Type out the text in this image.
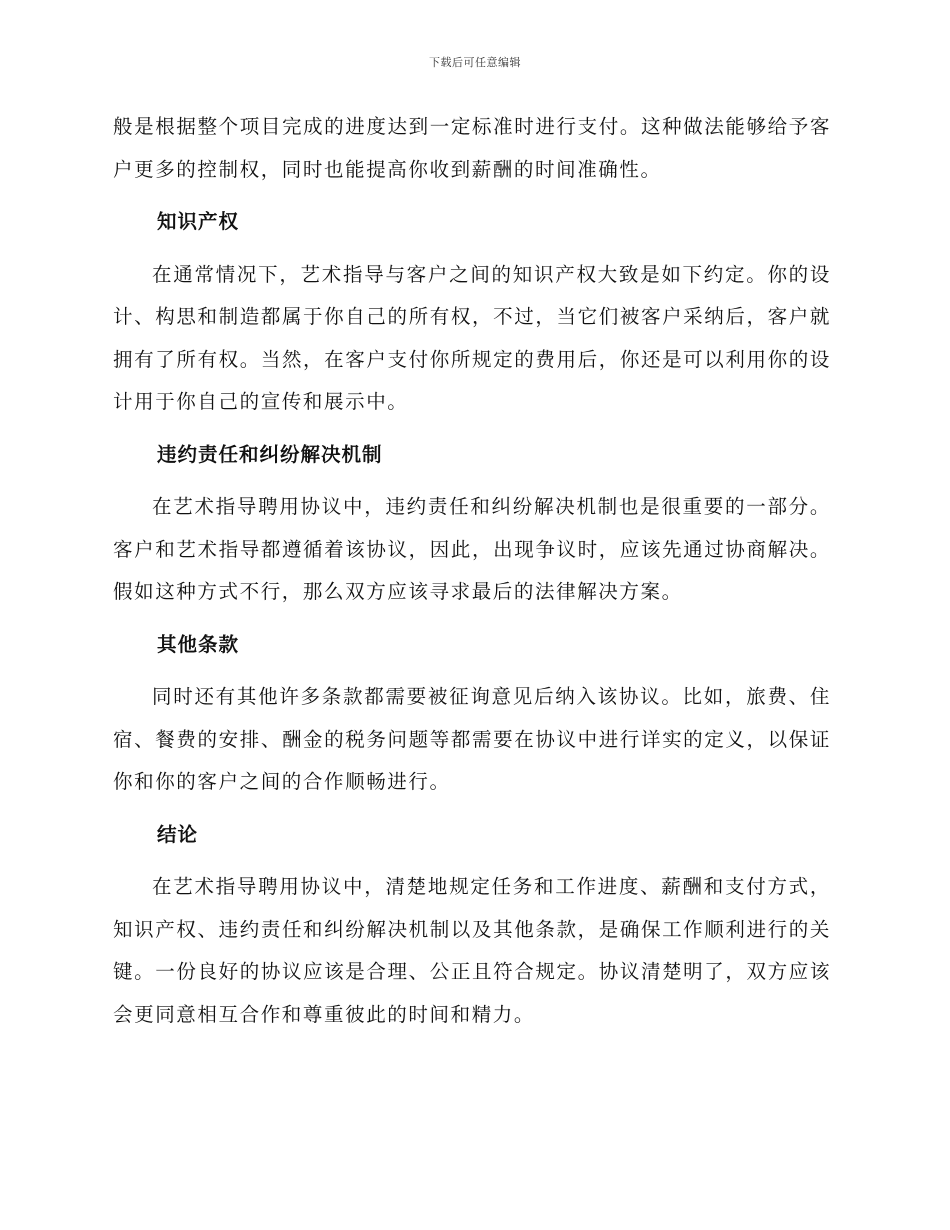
下载后可任意编辑

般是根据整个项目完成的进度达到一定标准时进行支付。这种做法能够给予客户更多的控制权，同时也能提高你收到薪酬的时间准确性。

知识产权

在通常情况下，艺术指导与客户之间的知识产权大致是如下约定。你的设计、构思和制造都属于你自己的所有权，不过，当它们被客户采纳后，客户就拥有了所有权。当然，在客户支付你所规定的费用后，你还是可以利用你的设计用于你自己的宣传和展示中。

违约责任和纠纷解决机制

在艺术指导聘用协议中，违约责任和纠纷解决机制也是很重要的一部分。客户和艺术指导都遵循着该协议，因此，出现争议时，应该先通过协商解决。假如这种方式不行，那么双方应该寻求最后的法律解决方案。

其他条款

同时还有其他许多条款都需要被征询意见后纳入该协议。比如，旅费、住宿、餐费的安排、酬金的税务问题等都需要在协议中进行详实的定义，以保证你和你的客户之间的合作顺畅进行。

结论

在艺术指导聘用协议中，清楚地规定任务和工作进度、薪酬和支付方式，知识产权、违约责任和纠纷解决机制以及其他条款，是确保工作顺利进行的关键。一份良好的协议应该是合理、公正且符合规定。协议清楚明了，双方应该会更同意相互合作和尊重彼此的时间和精力。
